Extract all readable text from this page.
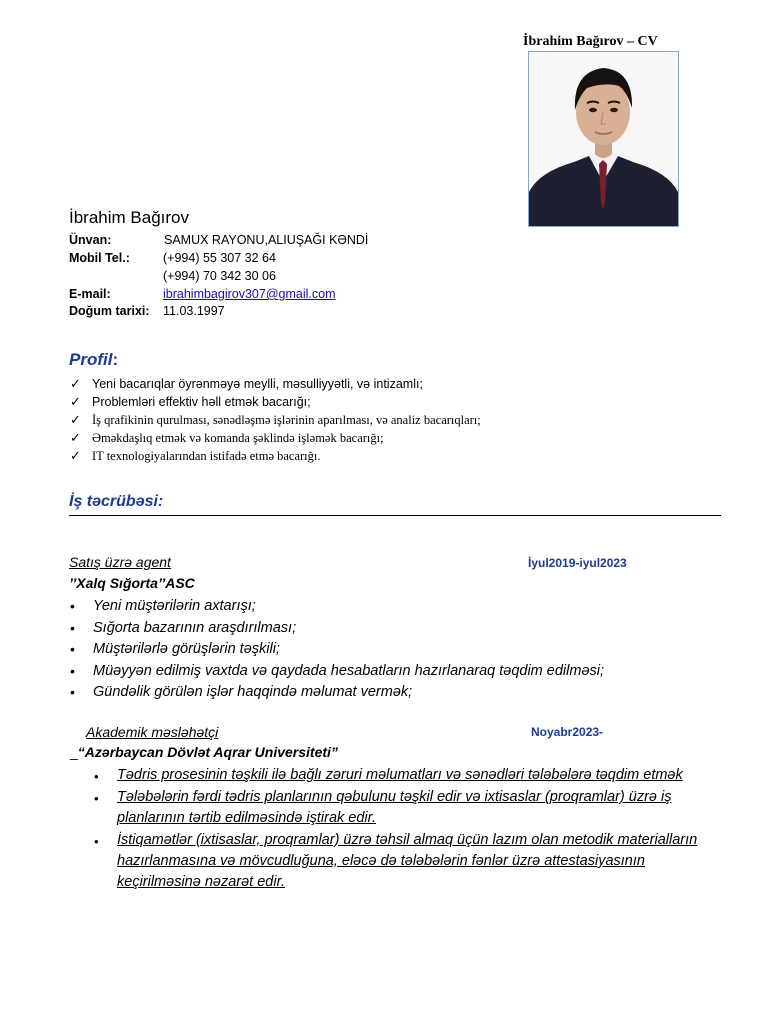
İbrahim Bağırov – CV
İbrahim Bağırov
Ünvan:	SAMUX RAYONU,ALIUŞAĞI KƏNDİ
Mobil Tel.:	(+994) 55 307 32 64
(+994) 70 342 30 06
E-mail:	ibrahimbagirov307@gmail.com
Doğum tarixi: 11.03.1997
Profil:
✓ Yeni bacarıqlar öyrənməyə meylli, məsulliyyətli, və intizamlı;
✓ Problemləri effektiv həll etmək bacarığı;
✓ İş qrafikinin qurulması, sənədləşmə işlərinin aparılması, və analiz bacarıqları;
✓ Əməkdaşlıq etmək və komanda şəklində işləmək bacarığı;
✓ IT texnologiyalarından istifadə etmə bacarığı.
İş təcrübəsi:
Satış üzrə agent	İyul2019-iyul2023
’’Xalq Sığorta’’ASC
•	Yeni müştərilərin axtarışı;
•	Sığorta bazarının araşdırılması;
•	Müştərilərlə görüşlərin təşkili;
•	Müəyyən edilmiş vaxtda və qaydada hesabatların hazırlanaraq təqdim edilməsi;
•	Gündəlik görülən işlər haqqində məlumat vermək;
Akademik məsləhətçi	Noyabr2023-
_“Azərbaycan Dövlət Aqrar Universiteti”
•	Tədris prosesinin təşkili ilə bağlı zəruri məlumatları və sənədləri tələbələrə təqdim etmək
•	Tələbələrin fərdi tədris planlarının qəbulunu təşkil edir və ixtisaslar (proqramlar) üzrə iş planlarının tərtib edilməsində iştirak edir.
•	İstiqamətlər (ixtisaslar, proqramlar) üzrə təhsil almaq üçün lazım olan metodik materialların hazırlanmasına və mövcudluğuna, eləcə də tələbələrin fənlər üzrə attestasiyasının keçirilməsinə nəzarət edir.
